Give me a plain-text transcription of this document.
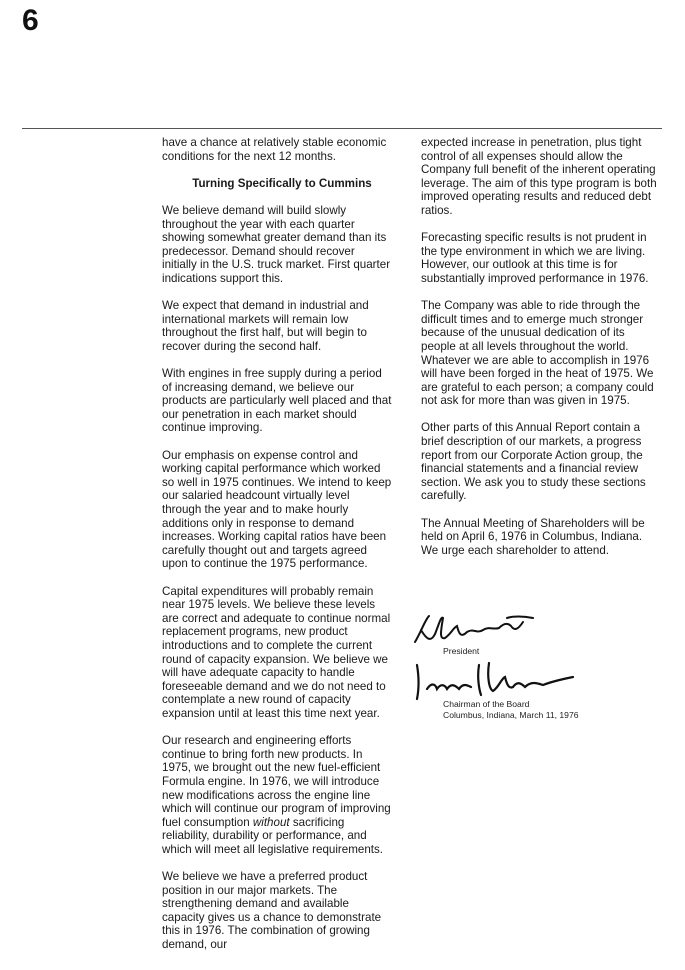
6

have a chance at relatively stable economic conditions for the next 12 months.

Turning Specifically to Cummins

We believe demand will build slowly throughout the year with each quarter showing somewhat greater demand than its predecessor. Demand should recover initially in the U.S. truck market. First quarter indications support this.

We expect that demand in industrial and international markets will remain low throughout the first half, but will begin to recover during the second half.

With engines in free supply during a period of increasing demand, we believe our products are particularly well placed and that our penetration in each market should continue improving.

Our emphasis on expense control and working capital performance which worked so well in 1975 continues. We intend to keep our salaried headcount virtually level through the year and to make hourly additions only in response to demand increases. Working capital ratios have been carefully thought out and targets agreed upon to continue the 1975 performance.

Capital expenditures will probably remain near 1975 levels. We believe these levels are correct and adequate to continue normal replacement programs, new product introductions and to complete the current round of capacity expansion. We believe we will have adequate capacity to handle foreseeable demand and we do not need to contemplate a new round of capacity expansion until at least this time next year.

Our research and engineering efforts continue to bring forth new products. In 1975, we brought out the new fuel-efficient Formula engine. In 1976, we will introduce new modifications across the engine line which will continue our program of improving fuel consumption without sacrificing reliability, durability or performance, and which will meet all legislative requirements.

We believe we have a preferred product position in our major markets. The strengthening demand and available capacity gives us a chance to demonstrate this in 1976. The combination of growing demand, our

expected increase in penetration, plus tight control of all expenses should allow the Company full benefit of the inherent operating leverage. The aim of this type program is both improved operating results and reduced debt ratios.

Forecasting specific results is not prudent in the type environment in which we are living. However, our outlook at this time is for substantially improved performance in 1976.

The Company was able to ride through the difficult times and to emerge much stronger because of the unusual dedication of its people at all levels throughout the world. Whatever we are able to accomplish in 1976 will have been forged in the heat of 1975. We are grateful to each person; a company could not ask for more than was given in 1975.

Other parts of this Annual Report contain a brief description of our markets, a progress report from our Corporate Action group, the financial statements and a financial review section. We ask you to study these sections carefully.

The Annual Meeting of Shareholders will be held on April 6, 1976 in Columbus, Indiana. We urge each shareholder to attend.

President
Chairman of the Board
Columbus, Indiana, March 11, 1976
